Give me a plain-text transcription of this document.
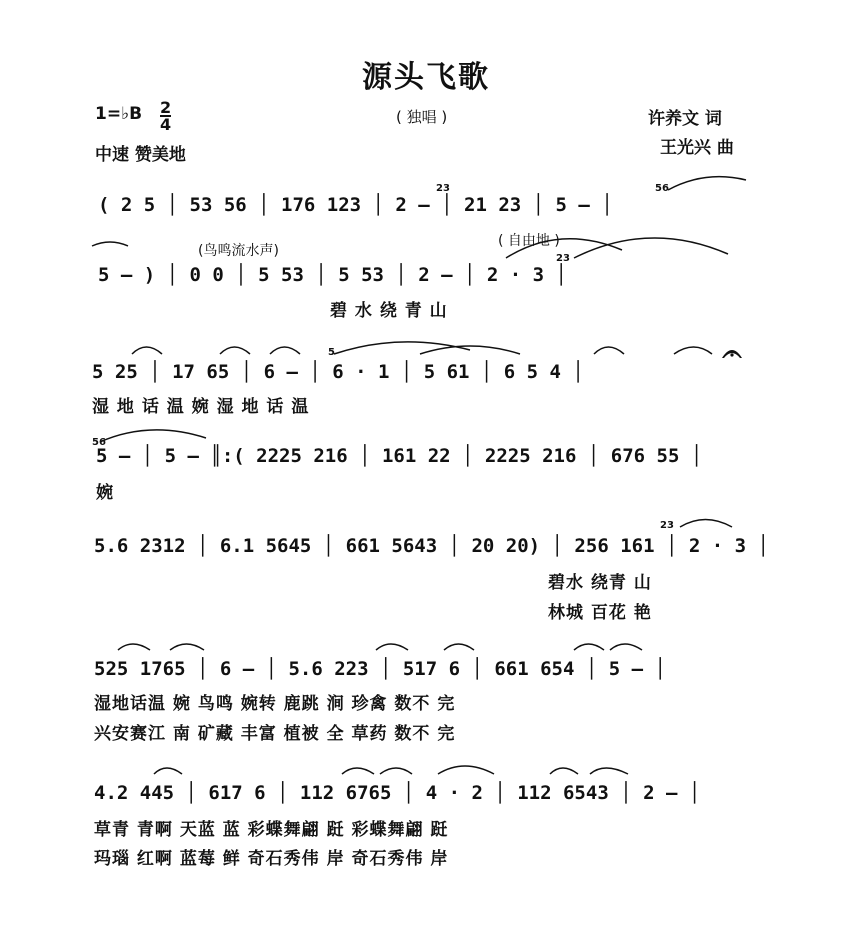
源头飞歌
1=♭B $\frac{2}{4}$	( 独唱 )	许养文 词
中速 赞美地	王光兴 曲
(鸟鸣流水声)
( 自由地 )
23	56
23
5
56
23
( 2 5 │ 53 56 │ 176 123 │ 2 – │ 21 23 │ 5 – │
5 – ) │ 0 0 │ 5 53 │ 5 53 │ 2 – │ 2 · 3 │
碧 水 绕 青 山
5 25 │ 17 65 │ 6 – │ 6 · 1 │ 5 61 │ 6 5 4 │
湿 地 话 温 婉 湿 地 话 温
5 – │ 5 – ║:( 2225 216 │ 161 22 │ 2225 216 │ 676 55 │
婉
5.6 2312 │ 6.1 5645 │ 661 5643 │ 20 20) │ 256 161 │ 2 · 3 │
碧水 绕青 山
林城 百花 艳
525 1765 │ 6 – │ 5.6 223 │ 517 6 │ 661 654 │ 5 – │
湿地话温 婉 鸟鸣 婉转 鹿跳 涧 珍禽 数不 完
兴安赛江 南 矿藏 丰富 植被 全 草药 数不 完
4.2 445 │ 617 6 │ 112 6765 │ 4 · 2 │ 112 6543 │ 2 – │
草青 青啊 天蓝 蓝 彩蝶舞翩 跹 彩蝶舞翩 跹
玛瑙 红啊 蓝莓 鲜 奇石秀伟 岸 奇石秀伟 岸
